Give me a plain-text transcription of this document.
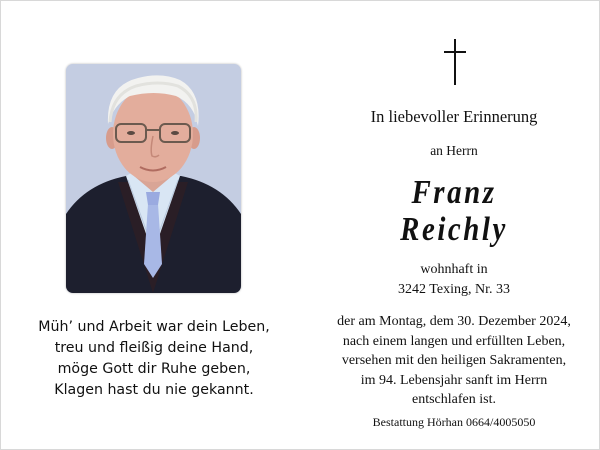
Müh’ und Arbeit war dein Leben,
treu und fleißig deine Hand,
möge Gott dir Ruhe geben,
Klagen hast du nie gekannt.
In liebevoller Erinnerung
an Herrn
Franz
Reichly
wohnhaft in
3242 Texing, Nr. 33
der am Montag, dem 30. Dezember 2024,
nach einem langen und erfüllten Leben,
versehen mit den heiligen Sakramenten,
im 94. Lebensjahr sanft im Herrn
entschlafen ist.
Bestattung Hörhan 0664/4005050
